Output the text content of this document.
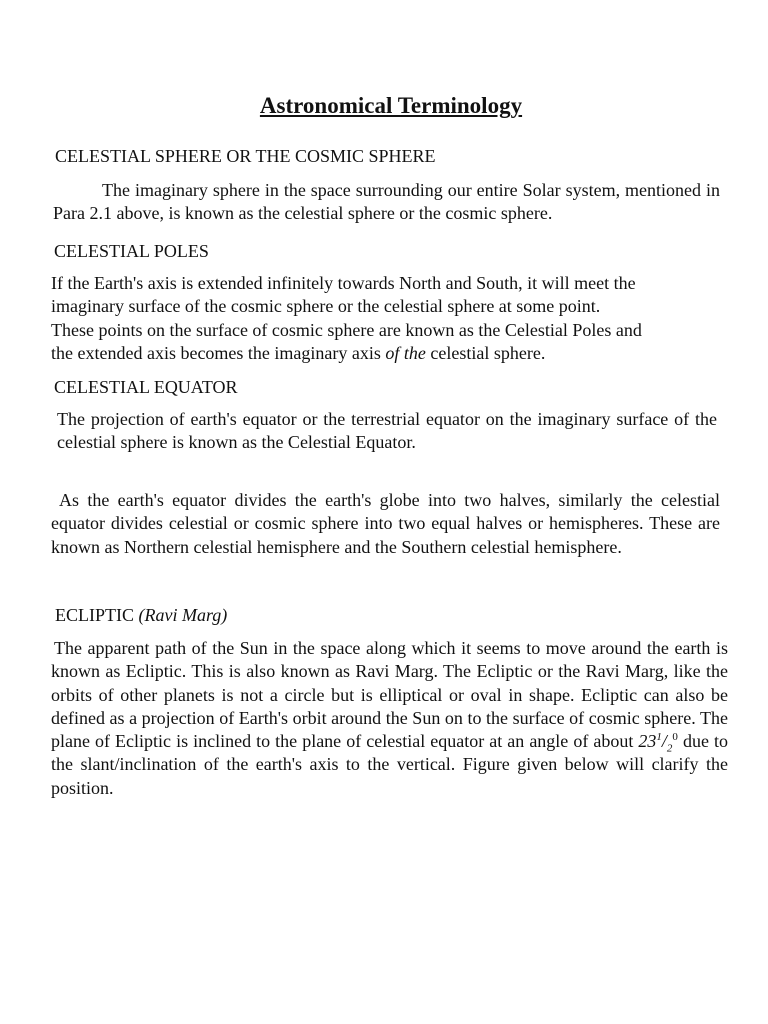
Astronomical Terminology
CELESTIAL SPHERE OR THE COSMIC SPHERE

The imaginary sphere in the space surrounding our entire Solar system, mentioned in Para 2.1 above, is known as the celestial sphere or the cosmic sphere.

CELESTIAL POLES
If the Earth's axis is extended infinitely towards North and South, it will meet the
imaginary surface of the cosmic sphere or the celestial sphere at some point.
These points on the surface of cosmic sphere are known as the Celestial Poles and
the extended axis becomes the imaginary axis of the celestial sphere.
CELESTIAL EQUATOR

The projection of earth's equator or the terrestrial equator on the imaginary surface of the celestial sphere is known as the Celestial Equator.

As the earth's equator divides the earth's globe into two halves, similarly the celestial equator divides celestial or cosmic sphere into two equal halves or hemispheres. These are known as Northern celestial hemisphere and the Southern celestial hemisphere.

ECLIPTIC (Ravi Marg)

The apparent path of the Sun in the space along which it seems to move around the earth is known as Ecliptic. This is also known as Ravi Marg. The Ecliptic or the Ravi Marg, like the orbits of other planets is not a circle but is elliptical or oval in shape. Ecliptic can also be defined as a projection of Earth's orbit around the Sun on to the surface of cosmic sphere. The plane of Ecliptic is inclined to the plane of celestial equator at an angle of about $23^1/_2^0$ due to the slant/inclination of the earth's axis to the vertical. Figure given below will clarify the position.
